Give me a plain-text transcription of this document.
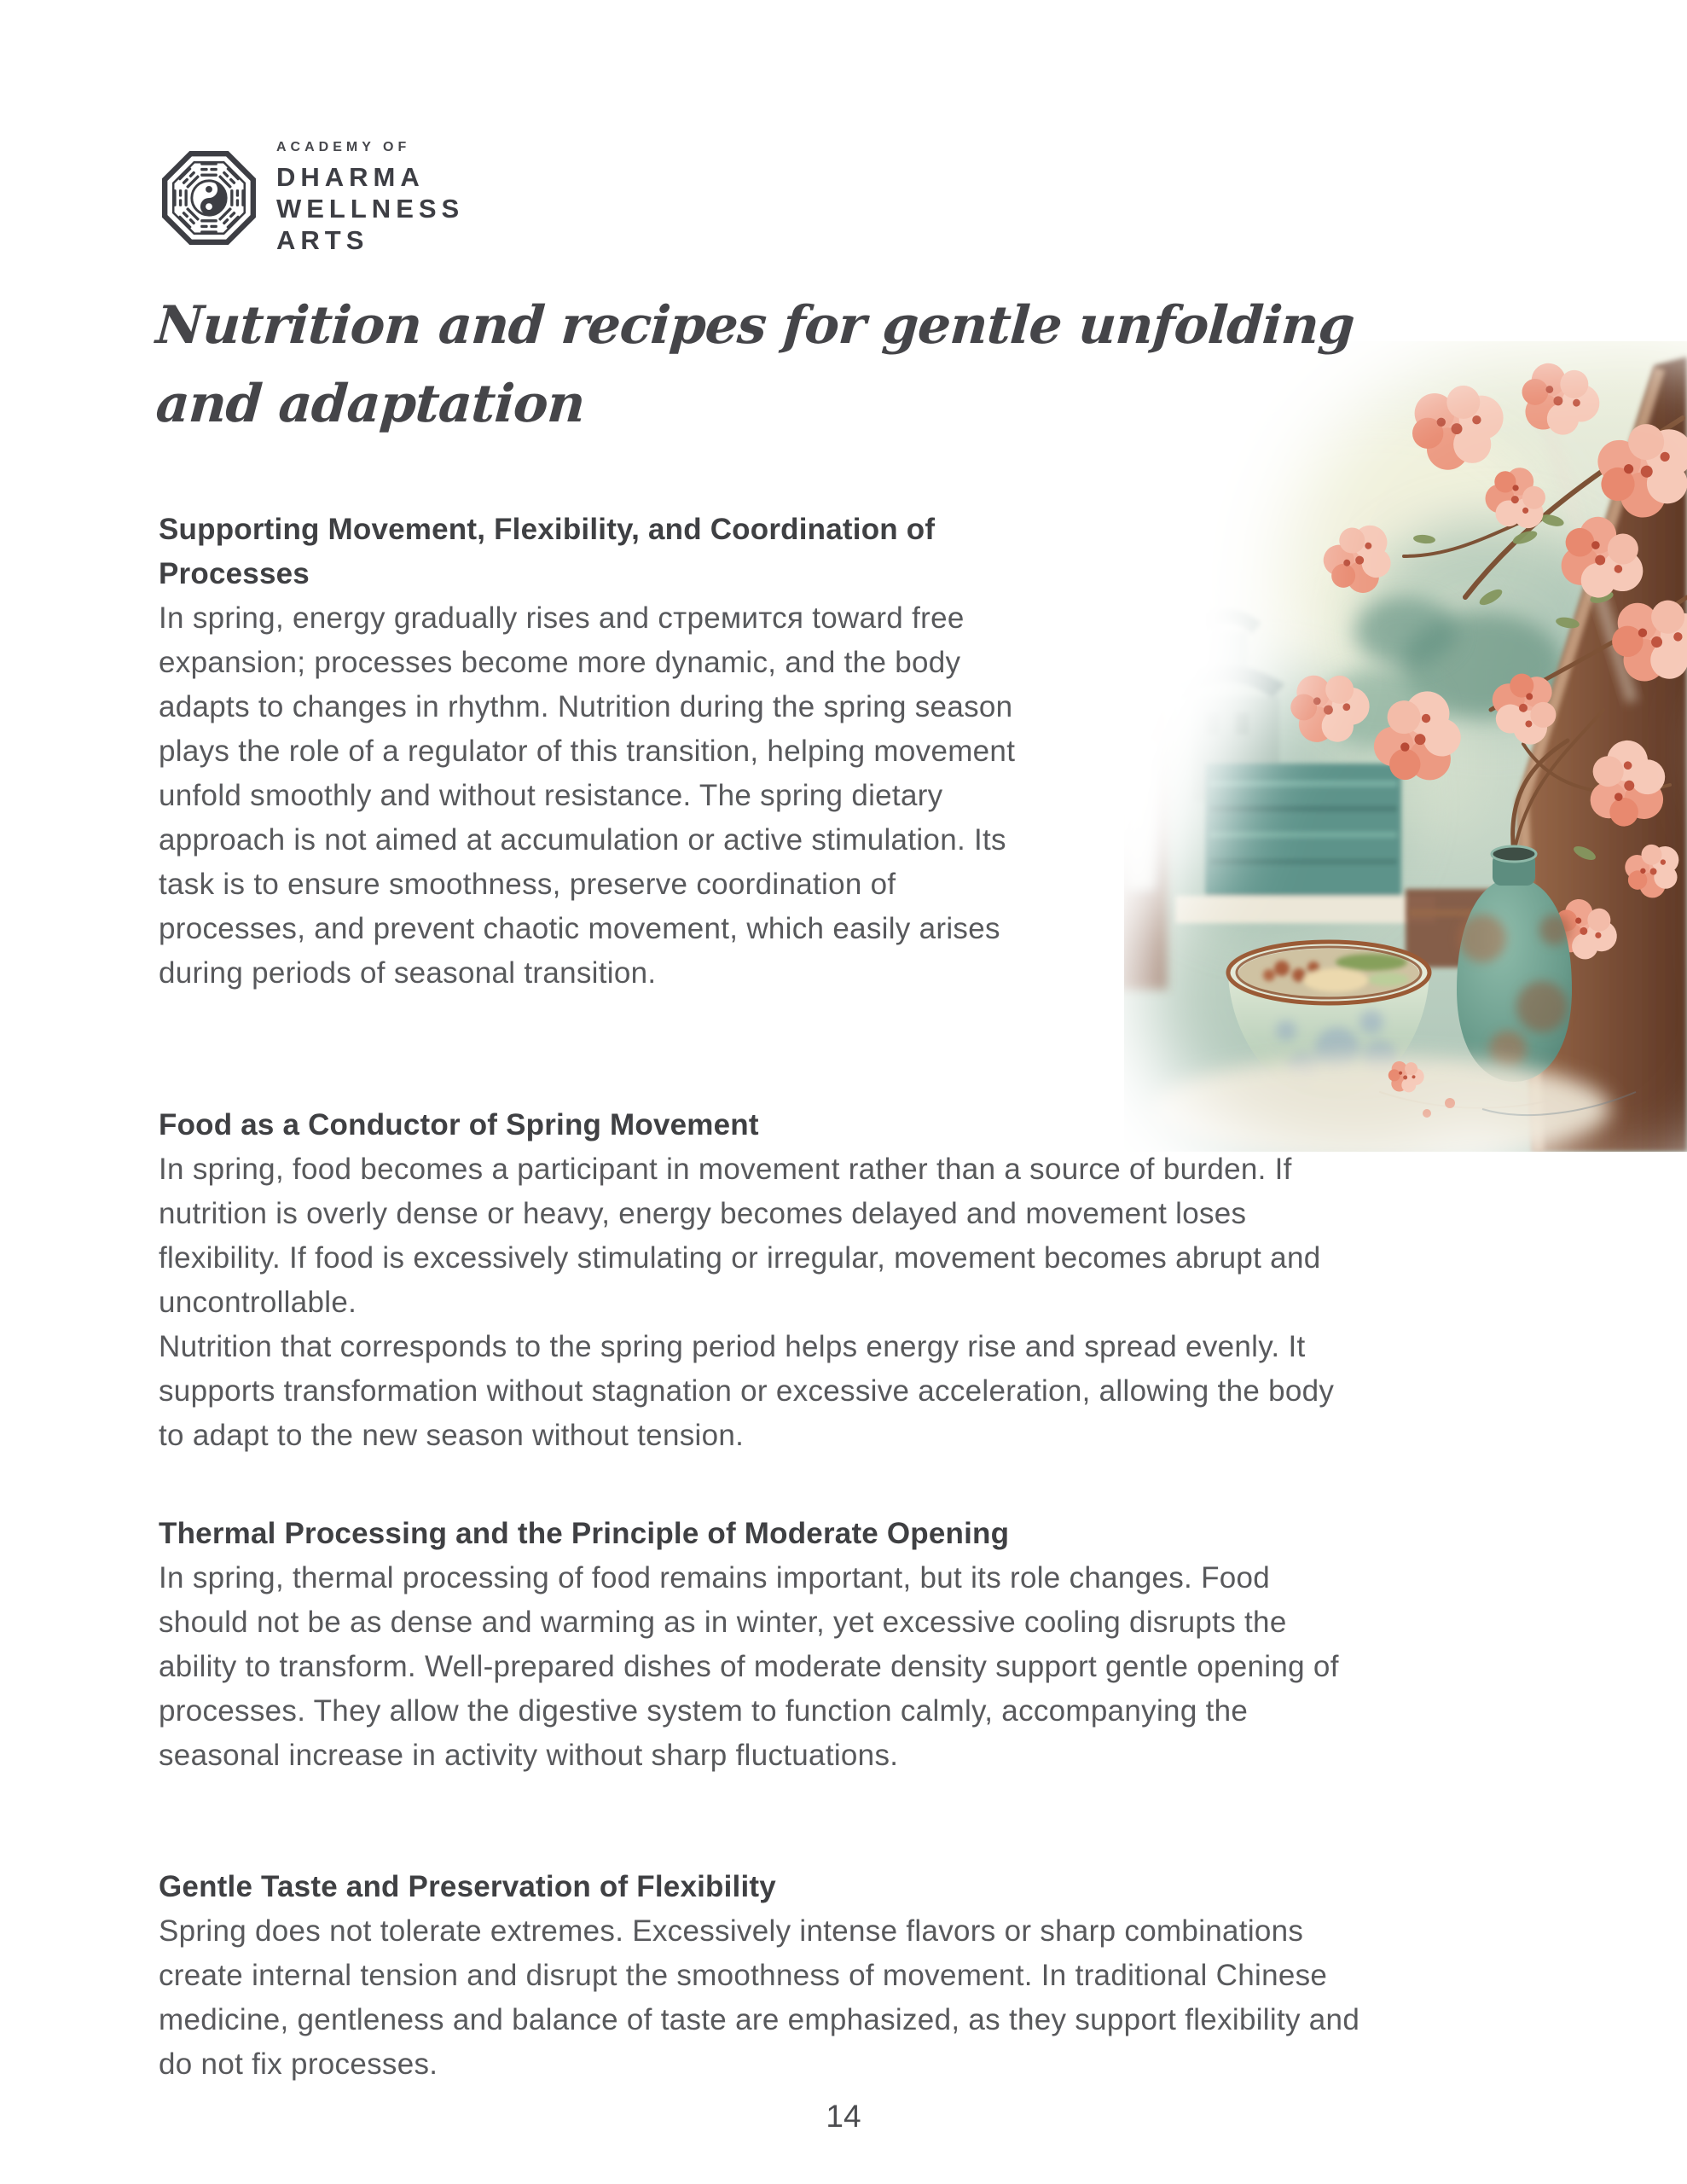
ACADEMY OF
DHARMA
WELLNESS
ARTS
Nutrition and recipes for gentle unfolding
and adaptation
Supporting Movement, Flexibility, and Coordination of Processes

In spring, energy gradually rises and стремится toward free expansion; processes become more dynamic, and the body adapts to changes in rhythm. Nutrition during the spring season plays the role of a regulator of this transition, helping movement unfold smoothly and without resistance. The spring dietary approach is not aimed at accumulation or active stimulation. Its task is to ensure smoothness, preserve coordination of processes, and prevent chaotic movement, which easily arises during periods of seasonal transition.

Food as a Conductor of Spring Movement

In spring, food becomes a participant in movement rather than a source of burden. If nutrition is overly dense or heavy, energy becomes delayed and movement loses flexibility. If food is excessively stimulating or irregular, movement becomes abrupt and uncontrollable.

Nutrition that corresponds to the spring period helps energy rise and spread evenly. It supports transformation without stagnation or excessive acceleration, allowing the body to adapt to the new season without tension.

Thermal Processing and the Principle of Moderate Opening

In spring, thermal processing of food remains important, but its role changes. Food should not be as dense and warming as in winter, yet excessive cooling disrupts the ability to transform. Well-prepared dishes of moderate density support gentle opening of processes. They allow the digestive system to function calmly, accompanying the seasonal increase in activity without sharp fluctuations.

Gentle Taste and Preservation of Flexibility

Spring does not tolerate extremes. Excessively intense flavors or sharp combinations create internal tension and disrupt the smoothness of movement. In traditional Chinese medicine, gentleness and balance of taste are emphasized, as they support flexibility and do not fix processes.

14
